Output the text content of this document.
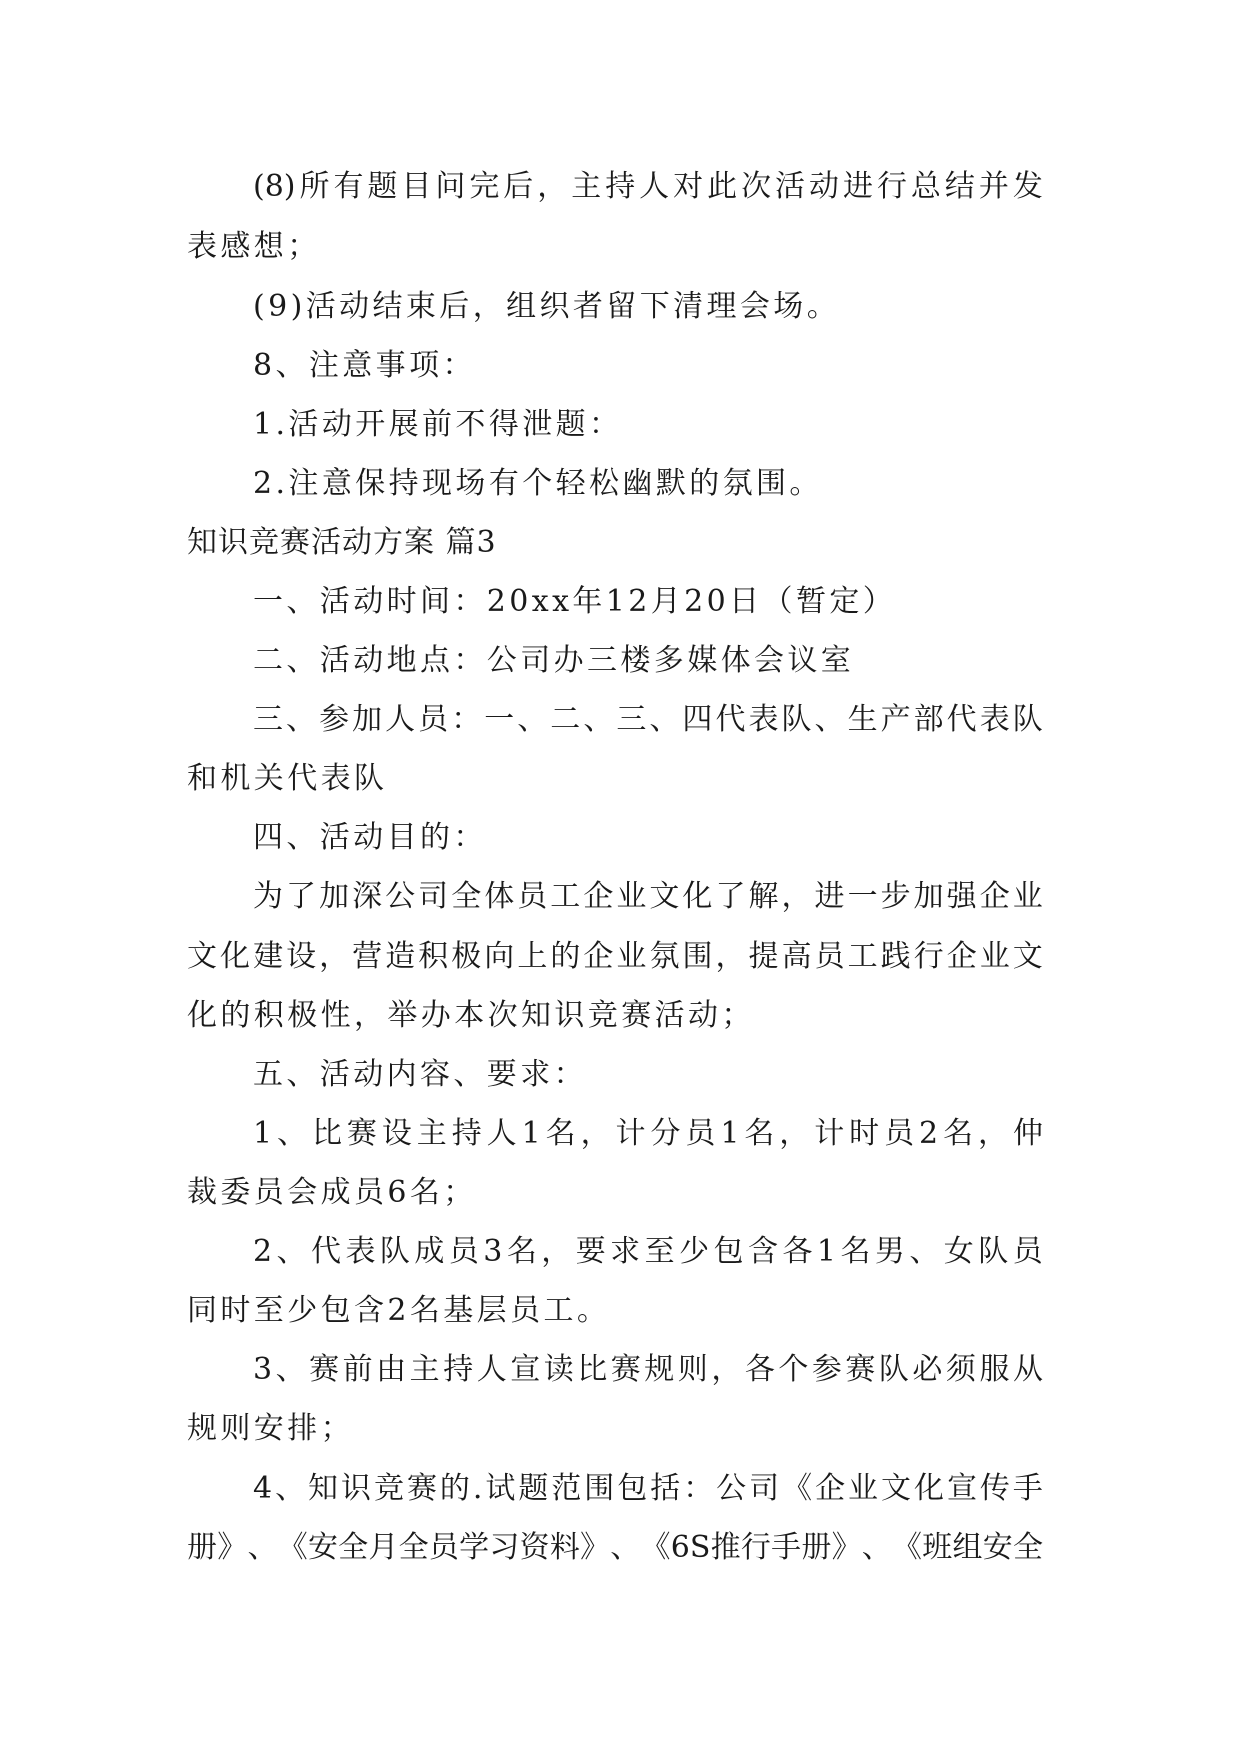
(8) 所 有 题 目 问 完 后 ， 主 持 人 对 此 次 活 动 进 行 总 结 并 发
表感想；
(9)活动结束后，组织者留下清理会场。
8、注意事项：
1.活动开展前不得泄题：
2.注意保持现场有个轻松幽默的氛围。
知识竞赛活动方案 篇3
一、活动时间：20xx年12月20日（暂定）
二、活动地点：公司办三楼多媒体会议室
三 、 参 加 人 员 ： 一 、 二 、 三 、 四 代 表 队 、 生 产 部 代 表 队
和机关代表队
四、活动目的：
为 了 加 深 公 司 全 体 员 工 企 业 文 化 了 解 ， 进 一 步 加 强 企 业
文 化 建 设 ， 营 造 积 极 向 上 的 企 业 氛 围 ， 提 高 员 工 践 行 企 业 文
化的积极性，举办本次知识竞赛活动；
五、活动内容、要求：
1 、 比 赛 设 主 持 人 1 名 ， 计 分 员 1 名 ， 计 时 员 2 名 ， 仲
裁委员会成员6名；
2 、 代 表 队 成 员 3 名 ， 要 求 至 少 包 含 各 1 名 男 、 女 队 员
同时至少包含2名基层员工。
3 、 赛 前 由 主 持 人 宣 读 比 赛 规 则 ， 各 个 参 赛 队 必 须 服 从
规则安排；
4 、 知 识 竞 赛 的 . 试 题 范 围 包 括 ： 公 司 《 企 业 文 化 宣 传 手
册 》 、 《 安 全 月 全 员 学 习 资 料 》 、 《 6S 推 行 手 册 》 、 《 班 组 安 全
